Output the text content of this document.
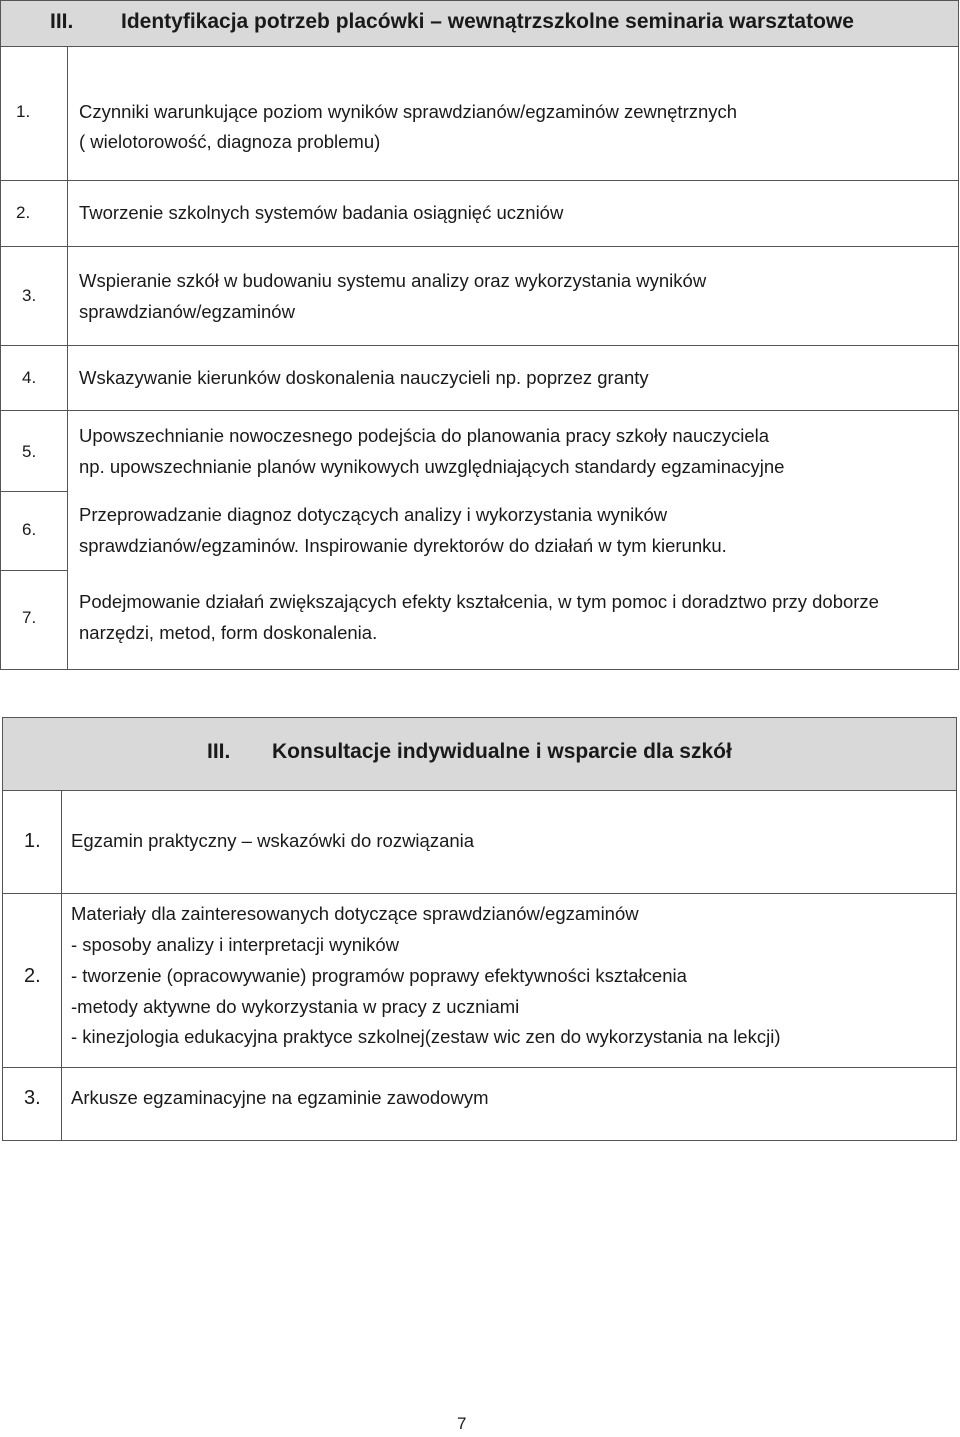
III. Identyfikacja potrzeb placówki – wewnątrzszkolne seminaria warsztatowe
1.	Czynniki warunkujące poziom wyników sprawdzianów/egzaminów zewnętrznych
( wielotorowość, diagnoza problemu)
2.	Tworzenie szkolnych systemów badania osiągnięć uczniów
3.
Wspieranie szkół w budowaniu systemu analizy oraz wykorzystania wyników
sprawdzianów/egzaminów
4. Wskazywanie kierunków doskonalenia nauczycieli np. poprzez granty
5.
Upowszechnianie nowoczesnego podejścia do planowania pracy szkoły nauczyciela
np. upowszechnianie planów wynikowych uwzględniających standardy egzaminacyjne
6.
Przeprowadzanie diagnoz dotyczących analizy i wykorzystania wyników
sprawdzianów/egzaminów. Inspirowanie dyrektorów do działań w tym kierunku.
7.
Podejmowanie działań zwiększających efekty kształcenia, w tym pomoc i doradztwo przy doborze
narzędzi, metod, form doskonalenia.
III. Konsultacje indywidualne i wsparcie dla szkół
1. Egzamin praktyczny – wskazówki do rozwiązania
2.
Materiały dla zainteresowanych dotyczące sprawdzianów/egzaminów
- sposoby analizy i interpretacji wyników
- tworzenie (opracowywanie) programów poprawy efektywności kształcenia
-metody aktywne do wykorzystania w pracy z uczniami
- kinezjologia edukacyjna praktyce szkolnej(zestaw wic zen do wykorzystania na lekcji)
3. Arkusze egzaminacyjne na egzaminie zawodowym
7
